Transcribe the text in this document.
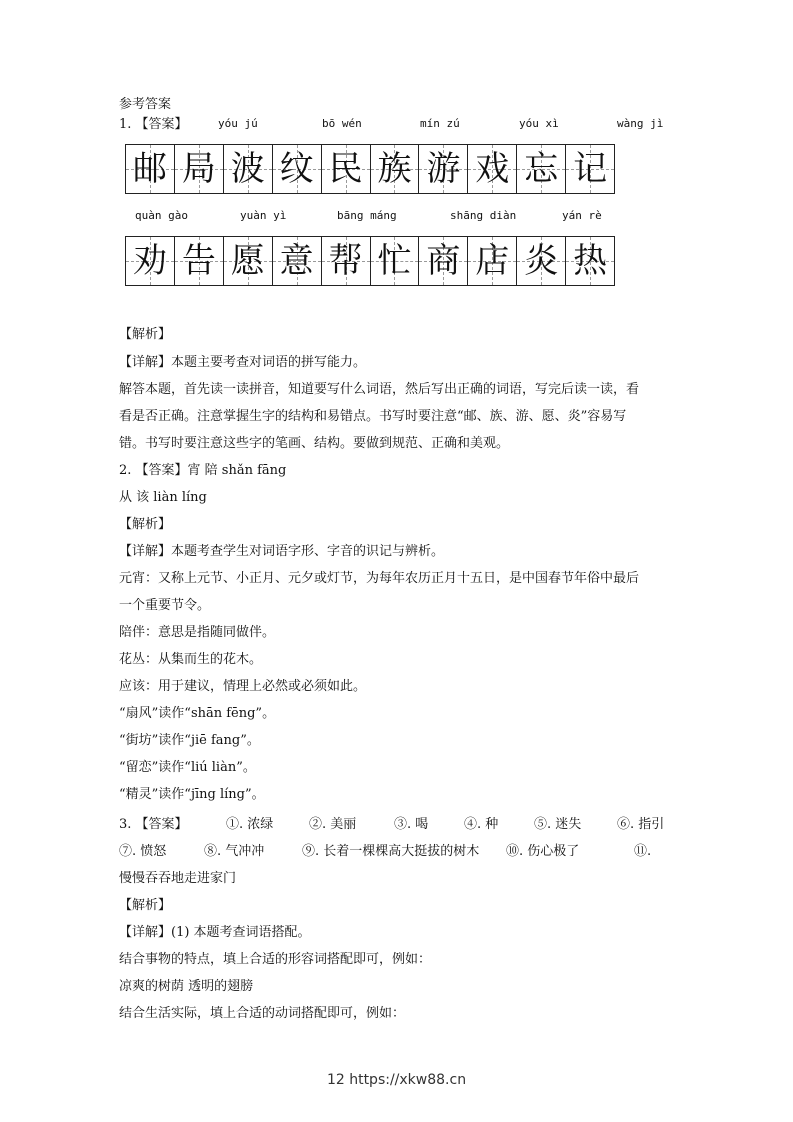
参考答案
1. 【答案】	yóu jú	bō wén	mín zú	yóu xì	wàng jì
邮 局 波 纹 民 族 游 戏 忘 记
quàn gào	yuàn yì	bāng máng	shāng diàn	yán rè
劝 告 愿 意 帮 忙 商 店 炎 热
【解析】
【详解】本题主要考查对词语的拼写能力。
解答本题，首先读一读拼音，知道要写什么词语，然后写出正确的词语，写完后读一读，看
看是否正确。注意掌握生字的结构和易错点。书写时要注意“邮、族、游、愿、炎”容易写
错。书写时要注意这些字的笔画、结构。要做到规范、正确和美观。
2. 【答案】宵 陪 shǎn fāng
从 该 liàn líng
【解析】
【详解】本题考查学生对词语字形、字音的识记与辨析。
元宵：又称上元节、小正月、元夕或灯节，为每年农历正月十五日，是中国春节年俗中最后
一个重要节令。
陪伴：意思是指随同做伴。
花丛：从集而生的花木。
应该：用于建议，情理上必然或必须如此。
“扇风”读作“shān fēng”。
“街坊”读作“jiē fang”。
“留恋”读作“liú liàn”。
“精灵”读作“jīng líng”。
3. 【答案】	①. 浓绿	②. 美丽	③. 喝	④. 种	⑤. 迷失	⑥. 指引
⑦. 愤怒	⑧. 气冲冲	⑨. 长着一棵棵高大挺拔的树木 ⑩. 伤心极了	⑪.
慢慢吞吞地走进家门
【解析】
【详解】(1) 本题考查词语搭配。
结合事物的特点，填上合适的形容词搭配即可，例如：
凉爽的树荫 透明的翅膀
结合生活实际，填上合适的动词搭配即可，例如：
12 https://xkw88.cn
